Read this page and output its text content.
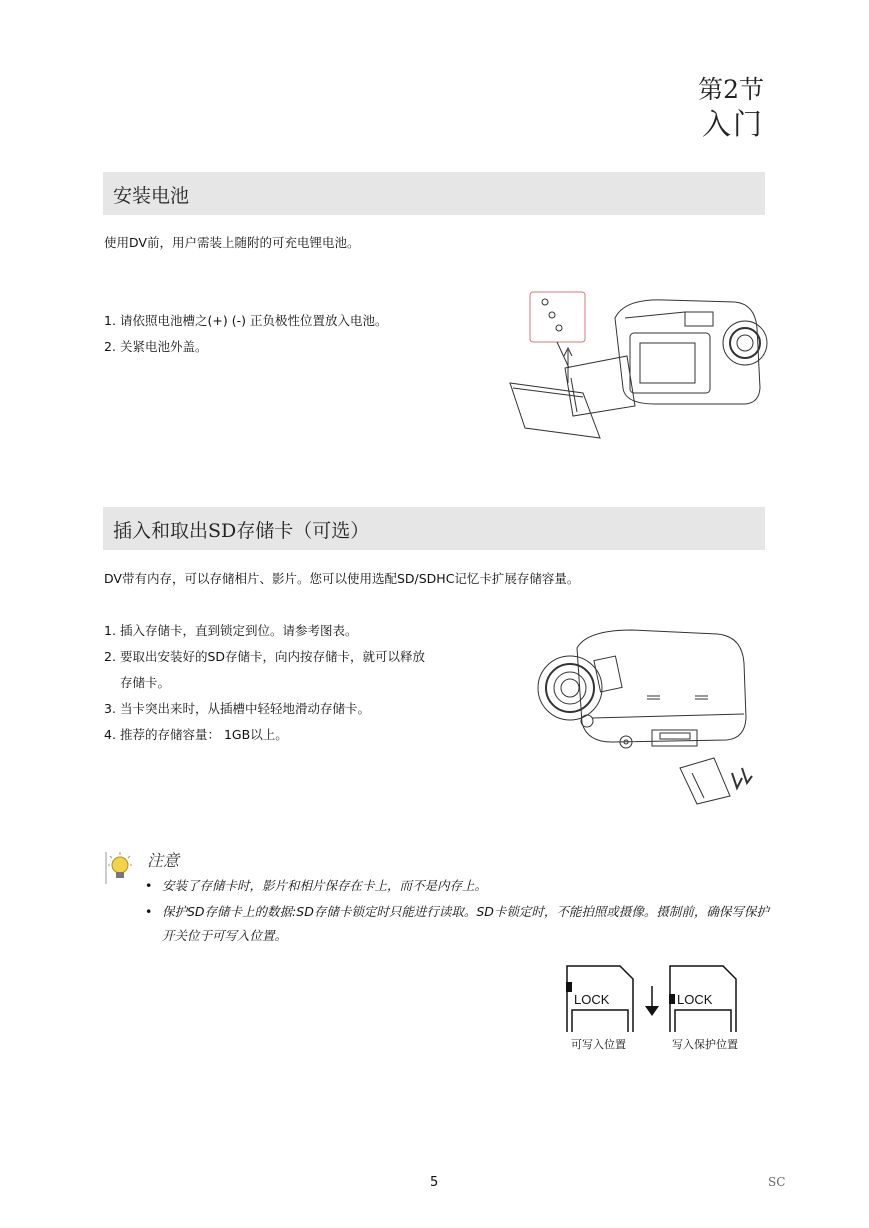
第2节
入门
安装电池
使用DV前，用户需装上随附的可充电锂电池。
1. 请依照电池槽之(+) (-) 正负极性位置放入电池。
2. 关紧电池外盖。
插入和取出SD存储卡（可选）
DV带有内存，可以存储相片、影片。您可以使用选配SD/SDHC记忆卡扩展存储容量。
1. 插入存储卡，直到锁定到位。请参考图表。
2. 要取出安装好的SD存储卡，向内按存储卡，就可以释放
存储卡。
3. 当卡突出来时，从插槽中轻轻地滑动存储卡。
4. 推荐的存储容量： 1GB以上。
注意
• 安装了存储卡时，影片和相片保存在卡上，而不是内存上。
• 保护SD存储卡上的数据:SD存储卡锁定时只能进行读取。SD卡锁定时，不能拍照或摄像。摄制前，确保写保护开关位于可写入位置。
LOCK	LOCK
可写入位置	写入保护位置
5	SC
